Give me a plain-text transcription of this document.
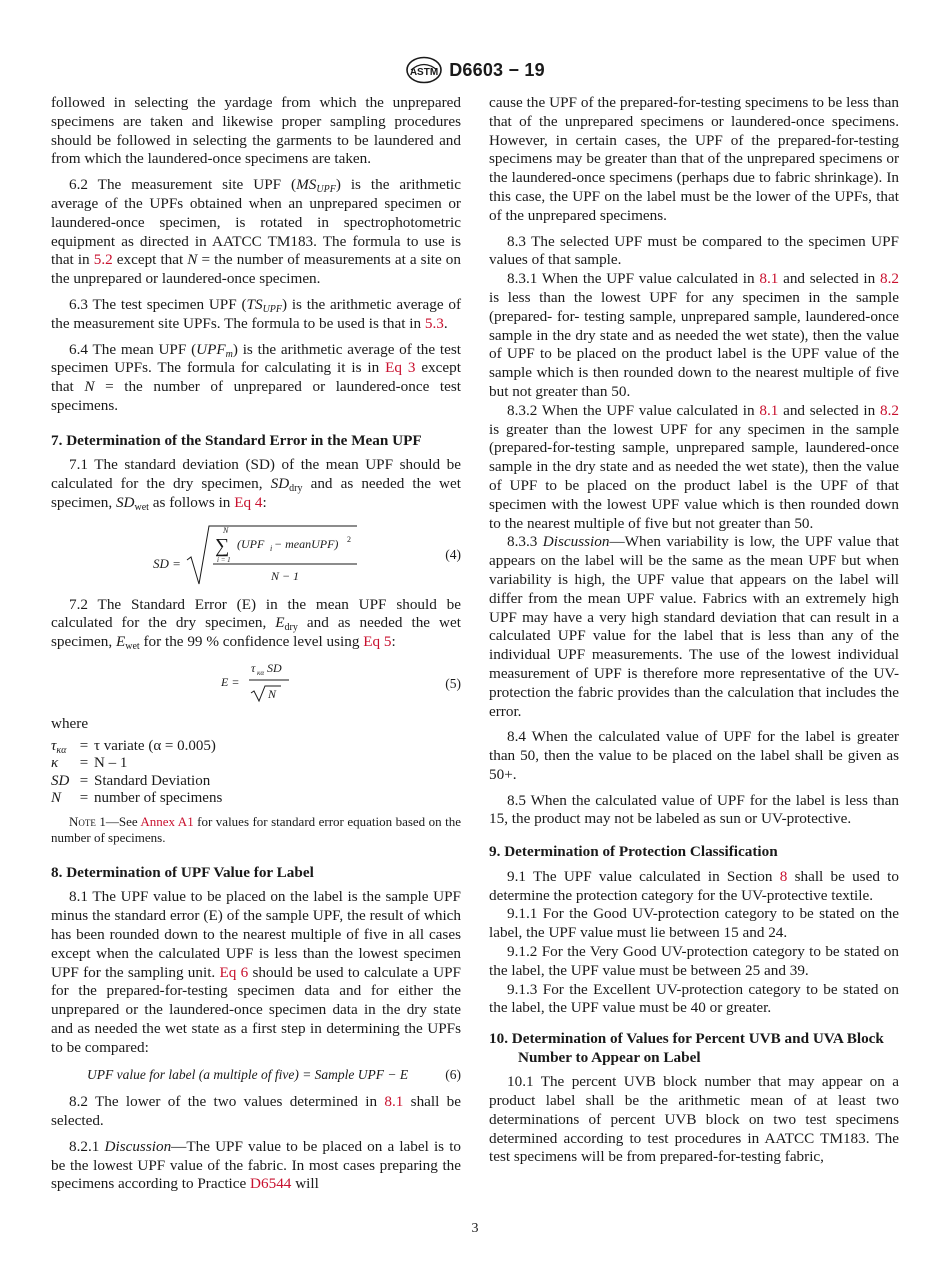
ASTM D6603 − 19

followed in selecting the yardage from which the unprepared specimens are taken and likewise proper sampling procedures should be followed in selecting the garments to be laundered and from which the laundered-once specimens are taken.

6.2 The measurement site UPF $(MS_{UPF})$ is the arithmetic average of the UPFs obtained when an unprepared specimen or laundered-once specimen, is rotated in spectrophotometric equipment as directed in AATCC TM183. The formula to use is that in 5.2 except that N = the number of measurements at a site on the unprepared or laundered-once specimen.

6.3 The test specimen UPF $(TS_{UPF})$ is the arithmetic average of the measurement site UPFs. The formula to be used is that in 5.3.

6.4 The mean UPF $(UPF_m)$ is the arithmetic average of the test specimen UPFs. The formula for calculating it is in Eq 3 except that N = the number of unprepared or laundered-once test specimens.

7. Determination of the Standard Error in the Mean UPF

7.1 The standard deviation (SD) of the mean UPF should be calculated for the dry specimen, $SD_{dry}$ and as needed the wet specimen, $SD_{wet}$ as follows in Eq 4:

SD =
N
∑
i = 1
(UPF i − meanUPF) 2
N − 1
(4)

7.2 The Standard Error (E) in the mean UPF should be calculated for the dry specimen, $E_{dry}$ and as needed the wet specimen, $E_{wet}$ for the 99 % confidence level using Eq 5:

E =
τ κα SD
N
(5)
where
$\tau_{\kappa\alpha}$	=	τ variate (α = 0.005)
κ	=	N – 1
SD	=	Standard Deviation
N	=	number of specimens
Note 1—See Annex A1 for values for standard error equation based on the number of specimens.
8. Determination of UPF Value for Label

8.1 The UPF value to be placed on the label is the sample UPF minus the standard error (E) of the sample UPF, the result of which has been rounded down to the nearest multiple of five in all cases except when the calculated UPF is less than the lowest specimen UPF for the sampling unit. Eq 6 should be used to calculate a UPF for the prepared-for-testing specimen data and for either the unprepared or the laundered-once specimen data in the dry state and as needed the wet state as a first step in determining the UPFs to be compared:

UPF value for label (a multiple of five) = Sample UPF − E	(6)

8.2 The lower of the two values determined in 8.1 shall be selected.

8.2.1 Discussion—The UPF value to be placed on a label is to be the lowest UPF value of the fabric. In most cases preparing the specimens according to Practice D6544 will

cause the UPF of the prepared-for-testing specimens to be less than that of the unprepared specimens or laundered-once specimens. However, in certain cases, the UPF of the prepared-for-testing specimens may be greater than that of the unprepared specimens or the laundered-once specimens (perhaps due to fabric shrinkage). In this case, the UPF on the label must be the lower of the UPFs, that of the unprepared specimens.

8.3 The selected UPF must be compared to the specimen UPF values of that sample.

8.3.1 When the UPF value calculated in 8.1 and selected in 8.2 is less than the lowest UPF for any specimen in the sample (prepared- for- testing sample, unprepared sample, laundered-once sample in the dry state and as needed the wet state), then the value of UPF to be placed on the product label is the UPF value of the sample which is then rounded down to the nearest multiple of five but not greater than 50.

8.3.2 When the UPF value calculated in 8.1 and selected in 8.2 is greater than the lowest UPF for any specimen in the sample (prepared-for-testing sample, unprepared sample, laundered-once sample in the dry state and as needed the wet state), then the value of UPF to be placed on the product label is the UPF of that specimen with the lowest UPF value which is then rounded down to the nearest multiple of five but not greater than 50.

8.3.3 Discussion—When variability is low, the UPF value that appears on the label will be the same as the mean UPF but when variability is high, the UPF value that appears on the label will differ from the mean UPF value. Fabrics with an extremely high UPF may have a very high standard deviation that can result in a calculated UPF value for the label that is less than any of the individual UPF measurements. The use of the lowest individual measurement of UPF is therefore more representative of the UV-protection the fabric provides than the calculation that includes the error.

8.4 When the calculated value of UPF for the label is greater than 50, then the value to be placed on the label shall be given as 50+.

8.5 When the calculated value of UPF for the label is less than 15, the product may not be labeled as sun or UV-protective.

9. Determination of Protection Classification

9.1 The UPF value calculated in Section 8 shall be used to determine the protection category for the UV-protective textile.

9.1.1 For the Good UV-protection category to be stated on the label, the UPF value must lie between 15 and 24.

9.1.2 For the Very Good UV-protection category to be stated on the label, the UPF value must be between 25 and 39.

9.1.3 For the Excellent UV-protection category to be stated on the label, the UPF value must be 40 or greater.

10. Determination of Values for Percent UVB and UVA Block Number to Appear on Label

10.1 The percent UVB block number that may appear on a product label shall be the arithmetic mean of at least two determinations of percent UVB block on two test specimens determined according to test procedures in AATCC TM183. The test specimens will be from prepared-for-testing fabric,

3
